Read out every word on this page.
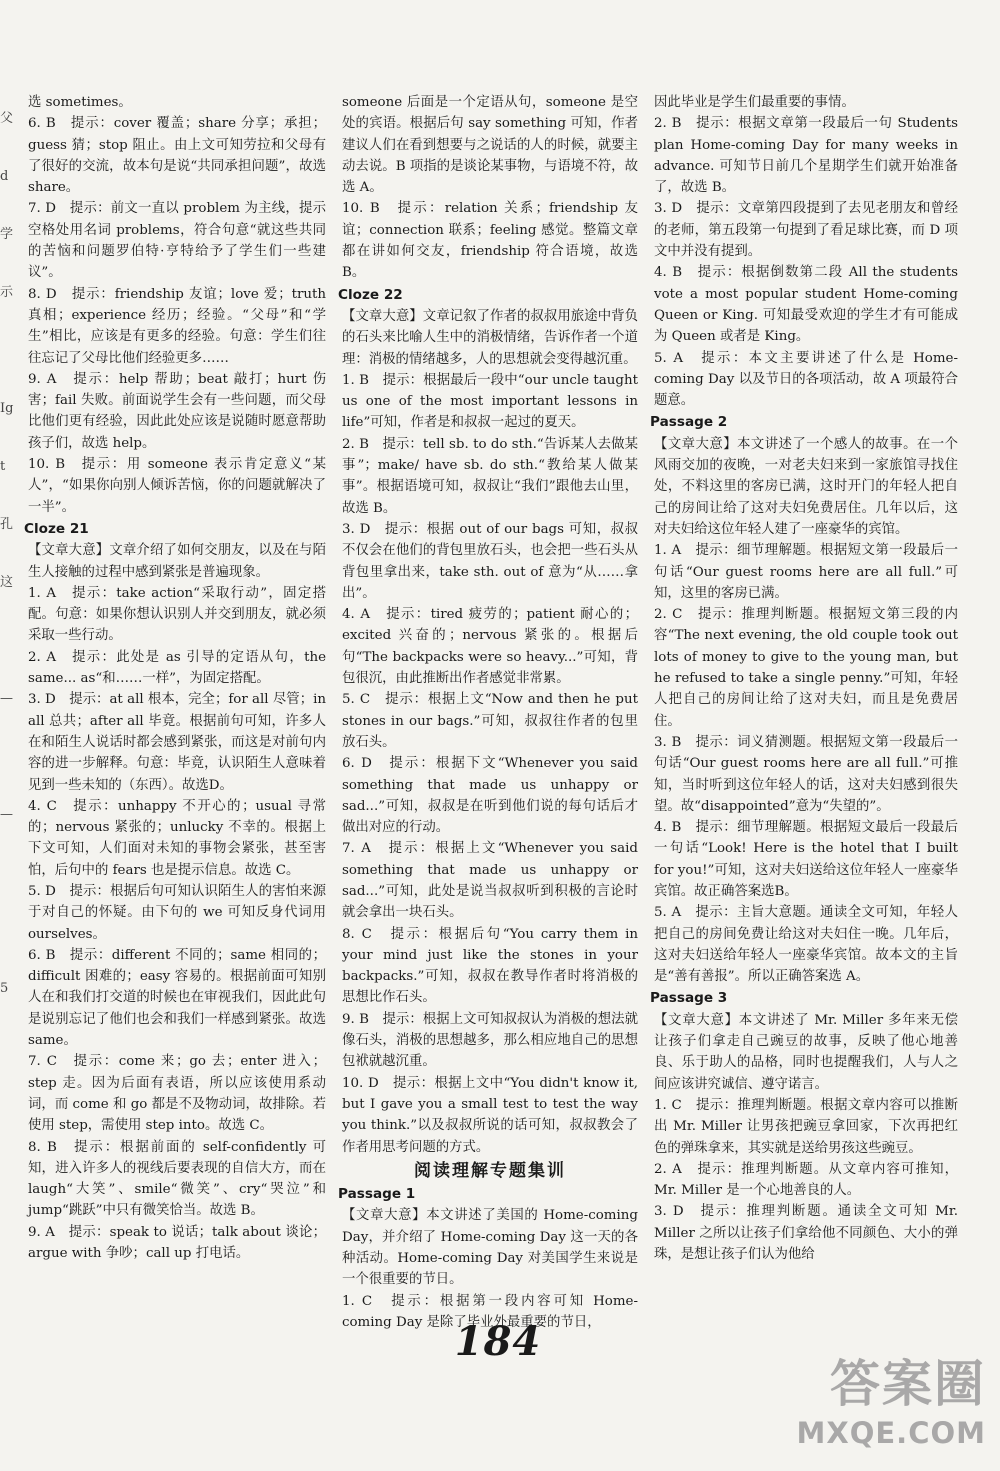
父
d
学
示
Ig
t
孔
这
—
—
5

选 sometimes。

6. B　提示：cover 覆盖；share 分享；承担；guess 猜；stop 阻止。由上文可知劳拉和父母有了很好的交流，故本句是说“共同承担问题”，故选 share。

7. D　提示：前文一直以 problem 为主线，提示空格处用名词 problems，符合句意“就这些共同的苦恼和问题罗伯特·亨特给予了学生们一些建议”。

8. D　提示：friendship 友谊；love 爱；truth 真相；experience 经历；经验。“父母”和“学生”相比，应该是有更多的经验。句意：学生们往往忘记了父母比他们经验更多……

9. A　提示：help 帮助；beat 敲打；hurt 伤害；fail 失败。前面说学生会有一些问题，而父母比他们更有经验，因此此处应该是说随时愿意帮助孩子们，故选 help。

10. B　提示：用 someone 表示肯定意义“某人”，“如果你向别人倾诉苦恼，你的问题就解决了一半”。

Cloze 21

【文章大意】文章介绍了如何交朋友，以及在与陌生人接触的过程中感到紧张是普遍现象。

1. A　提示：take action“采取行动”，固定搭配。句意：如果你想认识别人并交到朋友，就必须采取一些行动。

2. A　提示：此处是 as 引导的定语从句，the same... as“和……一样”，为固定搭配。

3. D　提示：at all 根本，完全；for all 尽管；in all 总共；after all 毕竟。根据前句可知，许多人在和陌生人说话时都会感到紧张，而这是对前句内容的进一步解释。句意：毕竟，认识陌生人意味着见到一些未知的（东西）。故选D。

4. C　提示：unhappy 不开心的；usual 寻常的；nervous 紧张的；unlucky 不幸的。根据上下文可知，人们面对未知的事物会紧张，甚至害怕，后句中的 fears 也是提示信息。故选 C。

5. D　提示：根据后句可知认识陌生人的害怕来源于对自己的怀疑。由下句的 we 可知反身代词用 ourselves。

6. B　提示：different 不同的；same 相同的；difficult 困难的；easy 容易的。根据前面可知别人在和我们打交道的时候也在审视我们，因此此句是说别忘记了他们也会和我们一样感到紧张。故选 same。

7. C　提示：come 来；go 去；enter 进入；step 走。因为后面有表语，所以应该使用系动词，而 come 和 go 都是不及物动词，故排除。若使用 step，需使用 step into。故选 C。

8. B　提示：根据前面的 self-confidently 可知，进入许多人的视线后要表现的自信大方，而在 laugh“大笑”、smile“微笑”、cry“哭泣”和 jump“跳跃”中只有微笑恰当。故选 B。

9. A　提示：speak to 说话；talk about 谈论；argue with 争吵；call up 打电话。

someone 后面是一个定语从句，someone 是空处的宾语。根据后句 say something 可知，作者建议人们在看到想要与之说话的人的时候，就要主动去说。B 项指的是谈论某事物，与语境不符，故选 A。

10. B　提示：relation 关系；friendship 友谊；connection 联系；feeling 感觉。整篇文章都在讲如何交友，friendship 符合语境，故选 B。

Cloze 22

【文章大意】文章记叙了作者的叔叔用旅途中背负的石头来比喻人生中的消极情绪，告诉作者一个道理：消极的情绪越多，人的思想就会变得越沉重。

1. B　提示：根据最后一段中“our uncle taught us one of the most important lessons in life”可知，作者是和叔叔一起过的夏天。

2. B　提示：tell sb. to do sth.“告诉某人去做某事”；make/ have sb. do sth.“教给某人做某事”。根据语境可知，叔叔让“我们”跟他去山里，故选 B。

3. D　提示：根据 out of our bags 可知，叔叔不仅会在他们的背包里放石头，也会把一些石头从背包里拿出来，take sth. out of 意为“从……拿出”。

4. A　提示：tired 疲劳的；patient 耐心的；excited 兴奋的；nervous 紧张的。根据后句“The backpacks were so heavy...”可知，背包很沉，由此推断出作者感觉非常累。

5. C　提示：根据上文“Now and then he put stones in our bags.”可知，叔叔往作者的包里放石头。

6. D　提示：根据下文“Whenever you said something that made us unhappy or sad...”可知，叔叔是在听到他们说的每句话后才做出对应的行动。

7. A　提示：根据上文“Whenever you said something that made us unhappy or sad...”可知，此处是说当叔叔听到积极的言论时就会拿出一块石头。

8. C　提示：根据后句“You carry them in your mind just like the stones in your backpacks.”可知，叔叔在教导作者时将消极的思想比作石头。

9. B　提示：根据上文可知叔叔认为消极的想法就像石头，消极的思想越多，那么相应地自己的思想包袱就越沉重。

10. D　提示：根据上文中“You didn't know it, but I gave you a small test to test the way you think.”以及叔叔所说的话可知，叔叔教会了作者用思考问题的方式。

阅读理解专题集训
Passage 1

【文章大意】本文讲述了美国的 Home-coming Day，并介绍了 Home-coming Day 这一天的各种活动。Home-coming Day 对美国学生来说是一个很重要的节日。

1. C　提示：根据第一段内容可知 Home-coming Day 是除了毕业外最重要的节日，

因此毕业是学生们最重要的事情。

2. B　提示：根据文章第一段最后一句 Students plan Home-coming Day for many weeks in advance. 可知节日前几个星期学生们就开始准备了，故选 B。

3. D　提示：文章第四段提到了去见老朋友和曾经的老师，第五段第一句提到了看足球比赛，而 D 项文中并没有提到。

4. B　提示：根据倒数第二段 All the students vote a most popular student Home-coming Queen or King. 可知最受欢迎的学生才有可能成为 Queen 或者是 King。

5. A　提示：本文主要讲述了什么是 Home-coming Day 以及节日的各项活动，故 A 项最符合题意。

Passage 2

【文章大意】本文讲述了一个感人的故事。在一个风雨交加的夜晚，一对老夫妇来到一家旅馆寻找住处，不料这里的客房已满，这时开门的年轻人把自己的房间让给了这对夫妇免费居住。几年以后，这对夫妇给这位年轻人建了一座豪华的宾馆。

1. A　提示：细节理解题。根据短文第一段最后一句话“Our guest rooms here are all full.”可知，这里的客房已满。

2. C　提示：推理判断题。根据短文第三段的内容“The next evening, the old couple took out lots of money to give to the young man, but he refused to take a single penny.”可知，年轻人把自己的房间让给了这对夫妇，而且是免费居住。

3. B　提示：词义猜测题。根据短文第一段最后一句话“Our guest rooms here are all full.”可推知，当时听到这位年轻人的话，这对夫妇感到很失望。故“disappointed”意为“失望的”。

4. B　提示：细节理解题。根据短文最后一段最后一句话“Look! Here is the hotel that I built for you!”可知，这对夫妇送给这位年轻人一座豪华宾馆。故正确答案选B。

5. A　提示：主旨大意题。通读全文可知，年轻人把自己的房间免费让给这对夫妇住一晚。几年后，这对夫妇送给年轻人一座豪华宾馆。故本文的主旨是“善有善报”。所以正确答案选 A。

Passage 3

【文章大意】本文讲述了 Mr. Miller 多年来无偿让孩子们拿走自己豌豆的故事，反映了他心地善良、乐于助人的品格，同时也提醒我们，人与人之间应该讲究诚信、遵守诺言。

1. C　提示：推理判断题。根据文章内容可以推断出 Mr. Miller 让男孩把豌豆拿回家，下次再把红色的弹珠拿来，其实就是送给男孩这些豌豆。

2. A　提示：推理判断题。从文章内容可推知，Mr. Miller 是一个心地善良的人。

3. D　提示：推理判断题。通读全文可知 Mr. Miller 之所以让孩子们拿给他不同颜色、大小的弹珠，是想让孩子们认为他给

184
答案圈
MXQE.COM
